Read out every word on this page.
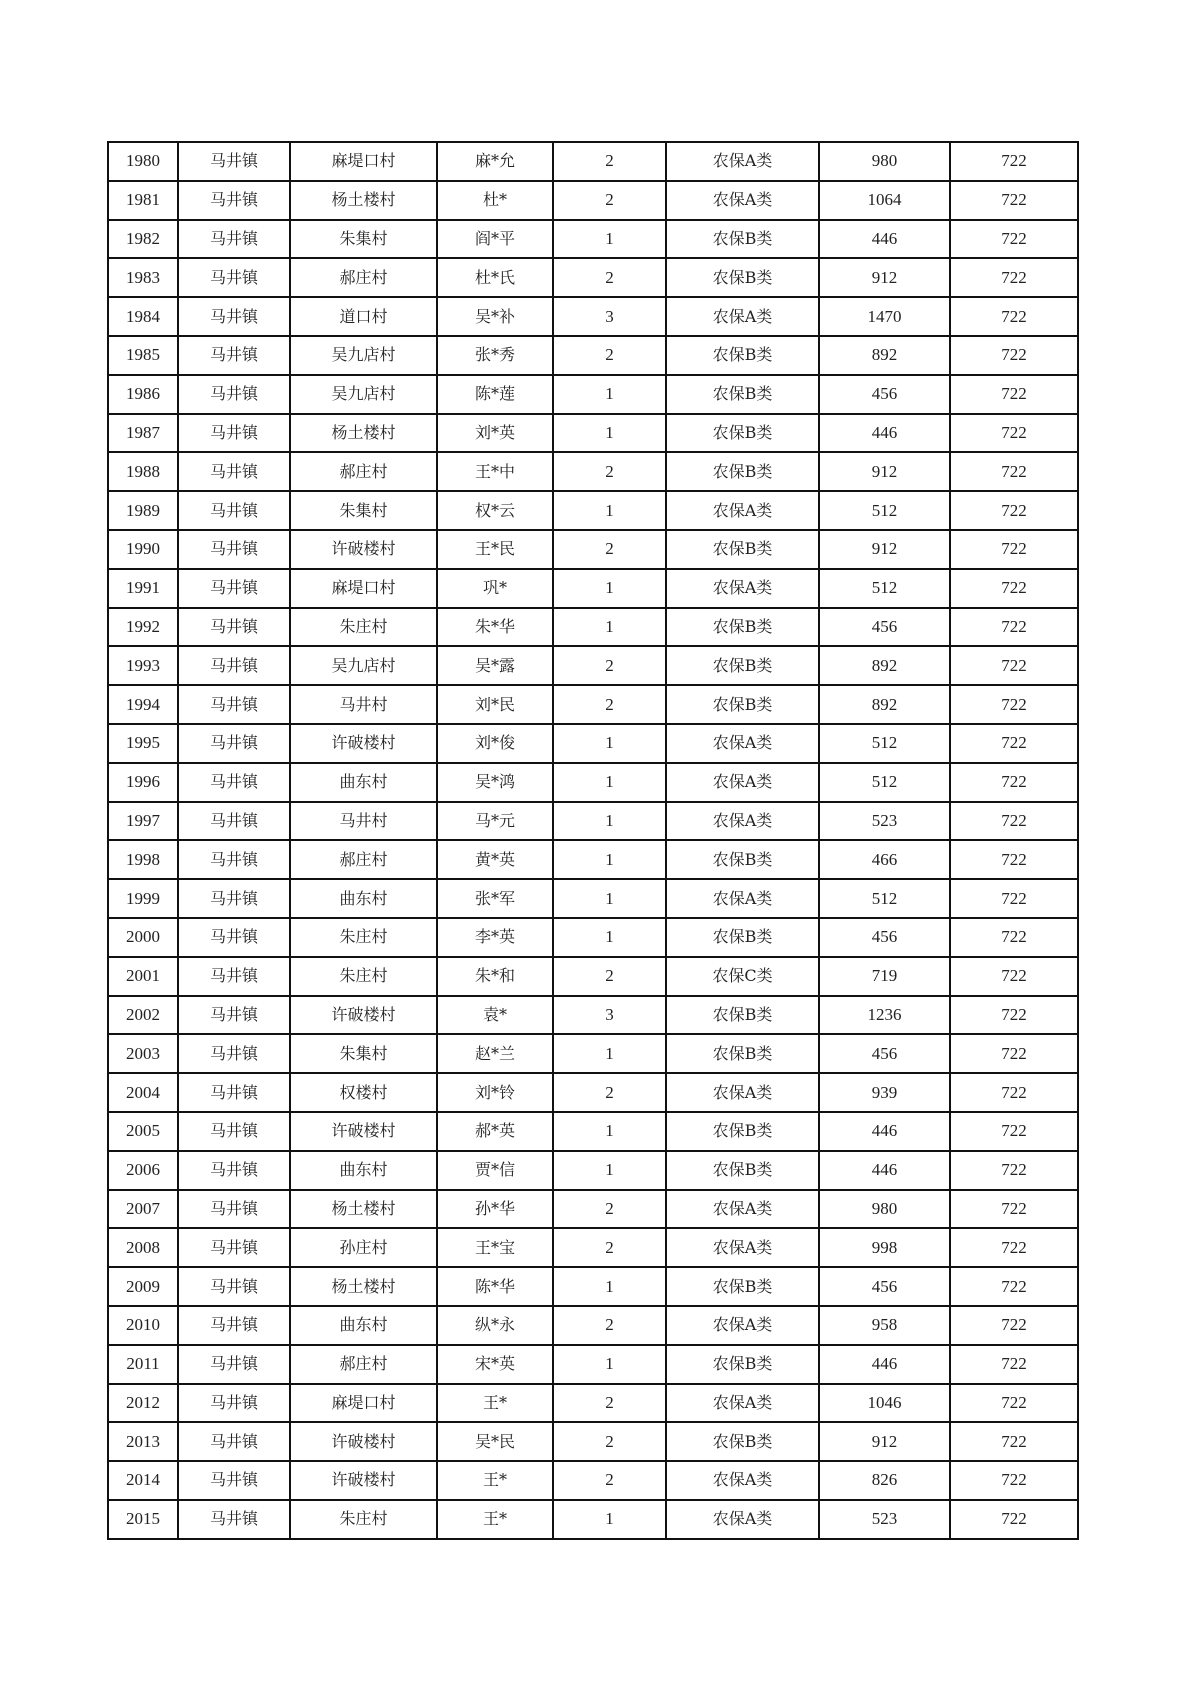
1980	马井镇	麻堤口村	麻*允	2	农保A类	980	722
1981	马井镇	杨土楼村	杜*	2	农保A类	1064	722
1982	马井镇	朱集村	阎*平	1	农保B类	446	722
1983	马井镇	郝庄村	杜*氏	2	农保B类	912	722
1984	马井镇	道口村	吴*补	3	农保A类	1470	722
1985	马井镇	吴九店村	张*秀	2	农保B类	892	722
1986	马井镇	吴九店村	陈*莲	1	农保B类	456	722
1987	马井镇	杨土楼村	刘*英	1	农保B类	446	722
1988	马井镇	郝庄村	王*中	2	农保B类	912	722
1989	马井镇	朱集村	权*云	1	农保A类	512	722
1990	马井镇	许破楼村	王*民	2	农保B类	912	722
1991	马井镇	麻堤口村	巩*	1	农保A类	512	722
1992	马井镇	朱庄村	朱*华	1	农保B类	456	722
1993	马井镇	吴九店村	吴*露	2	农保B类	892	722
1994	马井镇	马井村	刘*民	2	农保B类	892	722
1995	马井镇	许破楼村	刘*俊	1	农保A类	512	722
1996	马井镇	曲东村	吴*鸿	1	农保A类	512	722
1997	马井镇	马井村	马*元	1	农保A类	523	722
1998	马井镇	郝庄村	黄*英	1	农保B类	466	722
1999	马井镇	曲东村	张*军	1	农保A类	512	722
2000	马井镇	朱庄村	李*英	1	农保B类	456	722
2001	马井镇	朱庄村	朱*和	2	农保C类	719	722
2002	马井镇	许破楼村	袁*	3	农保B类	1236	722
2003	马井镇	朱集村	赵*兰	1	农保B类	456	722
2004	马井镇	权楼村	刘*铃	2	农保A类	939	722
2005	马井镇	许破楼村	郝*英	1	农保B类	446	722
2006	马井镇	曲东村	贾*信	1	农保B类	446	722
2007	马井镇	杨土楼村	孙*华	2	农保A类	980	722
2008	马井镇	孙庄村	王*宝	2	农保A类	998	722
2009	马井镇	杨土楼村	陈*华	1	农保B类	456	722
2010	马井镇	曲东村	纵*永	2	农保A类	958	722
2011	马井镇	郝庄村	宋*英	1	农保B类	446	722
2012	马井镇	麻堤口村	王*	2	农保A类	1046	722
2013	马井镇	许破楼村	吴*民	2	农保B类	912	722
2014	马井镇	许破楼村	王*	2	农保A类	826	722
2015	马井镇	朱庄村	王*	1	农保A类	523	722
